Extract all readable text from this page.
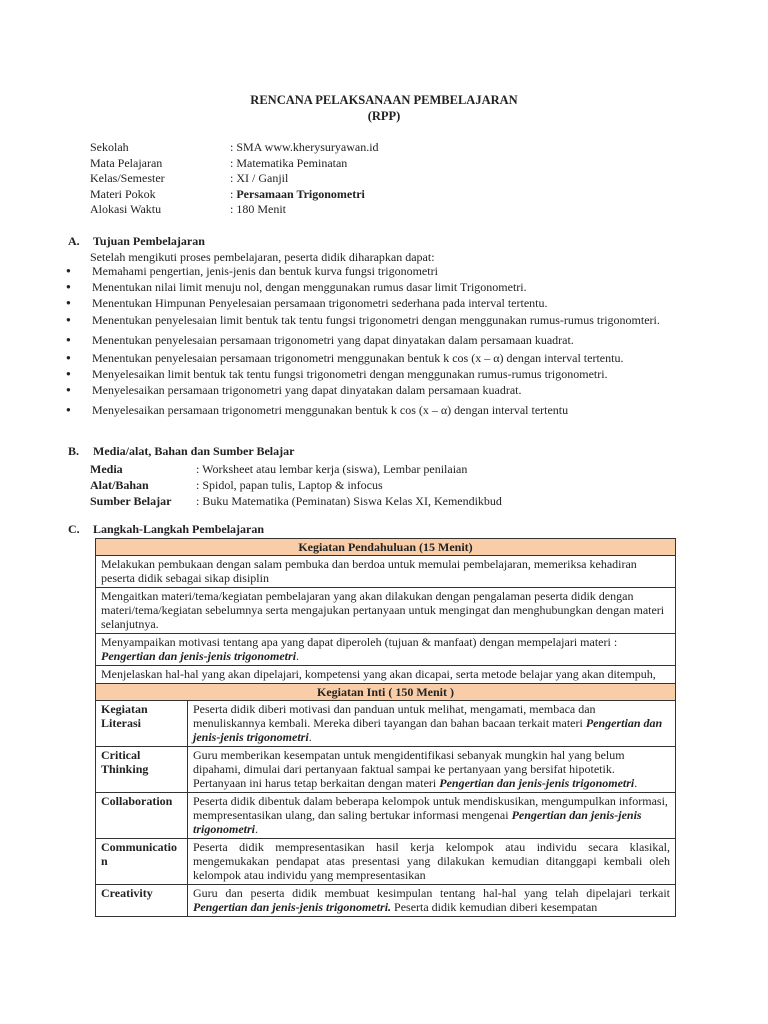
RENCANA PELAKSANAAN PEMBELAJARAN
(RPP)
Sekolah	: SMA www.kherysuryawan.id
Mata Pelajaran	: Matematika Peminatan
Kelas/Semester	: XI / Ganjil
Materi Pokok	: Persamaan Trigonometri
Alokasi Waktu	: 180 Menit
A. Tujuan Pembelajaran
Setelah mengikuti proses pembelajaran, peserta didik diharapkan dapat:
● Memahami pengertian, jenis-jenis dan bentuk kurva fungsi trigonometri
● Menentukan nilai limit menuju nol, dengan menggunakan rumus dasar limit Trigonometri.
● Menentukan Himpunan Penyelesaian persamaan trigonometri sederhana pada interval tertentu.
● Menentukan penyelesaian limit bentuk tak tentu fungsi trigonometri dengan menggunakan rumus-rumus trigonomteri.
● Menentukan penyelesaian persamaan trigonometri yang dapat dinyatakan dalam persamaan kuadrat.
● Menentukan penyelesaian persamaan trigonometri menggunakan bentuk k cos (x – α) dengan interval tertentu.
● Menyelesaikan limit bentuk tak tentu fungsi trigonometri dengan menggunakan rumus-rumus trigonometri.
● Menyelesaikan persamaan trigonometri yang dapat dinyatakan dalam persamaan kuadrat.
● Menyelesaikan persamaan trigonometri menggunakan bentuk k cos (x – α) dengan interval tertentu
B. Media/alat, Bahan dan Sumber Belajar
Media	: Worksheet atau lembar kerja (siswa), Lembar penilaian
Alat/Bahan	: Spidol, papan tulis, Laptop & infocus
Sumber Belajar : Buku Matematika (Peminatan) Siswa Kelas XI, Kemendikbud
C. Langkah-Langkah Pembelajaran
Kegiatan Pendahuluan (15 Menit)	
Melakukan pembukaan dengan salam pembuka dan berdoa untuk memulai pembelajaran, memeriksa kehadiran peserta didik sebagai sikap disiplin	
Mengaitkan materi/tema/kegiatan pembelajaran yang akan dilakukan dengan pengalaman peserta didik dengan materi/tema/kegiatan sebelumnya serta mengajukan pertanyaan untuk mengingat dan menghubungkan dengan materi selanjutnya.	
Menyampaikan motivasi tentang apa yang dapat diperoleh (tujuan & manfaat) dengan mempelajari materi : Pengertian dan jenis-jenis trigonometri.	
Menjelaskan hal-hal yang akan dipelajari, kompetensi yang akan dicapai, serta metode belajar yang akan ditempuh,	
Kegiatan Inti ( 150 Menit )	
Kegiatan Literasi	Peserta didik diberi motivasi dan panduan untuk melihat, mengamati, membaca dan menuliskannya kembali. Mereka diberi tayangan dan bahan bacaan terkait materi Pengertian dan jenis-jenis trigonometri.
Critical Thinking	Guru memberikan kesempatan untuk mengidentifikasi sebanyak mungkin hal yang belum dipahami, dimulai dari pertanyaan faktual sampai ke pertanyaan yang bersifat hipotetik. Pertanyaan ini harus tetap berkaitan dengan materi Pengertian dan jenis-jenis trigonometri.
Collaboration	Peserta didik dibentuk dalam beberapa kelompok untuk mendiskusikan, mengumpulkan informasi, mempresentasikan ulang, dan saling bertukar informasi mengenai Pengertian dan jenis-jenis trigonometri.
Communication	Peserta didik mempresentasikan hasil kerja kelompok atau individu secara klasikal, mengemukakan pendapat atas presentasi yang dilakukan kemudian ditanggapi kembali oleh kelompok atau individu yang mempresentasikan
Creativity	Guru dan peserta didik membuat kesimpulan tentang hal-hal yang telah dipelajari terkait Pengertian dan jenis-jenis trigonometri. Peserta didik kemudian diberi kesempatan
